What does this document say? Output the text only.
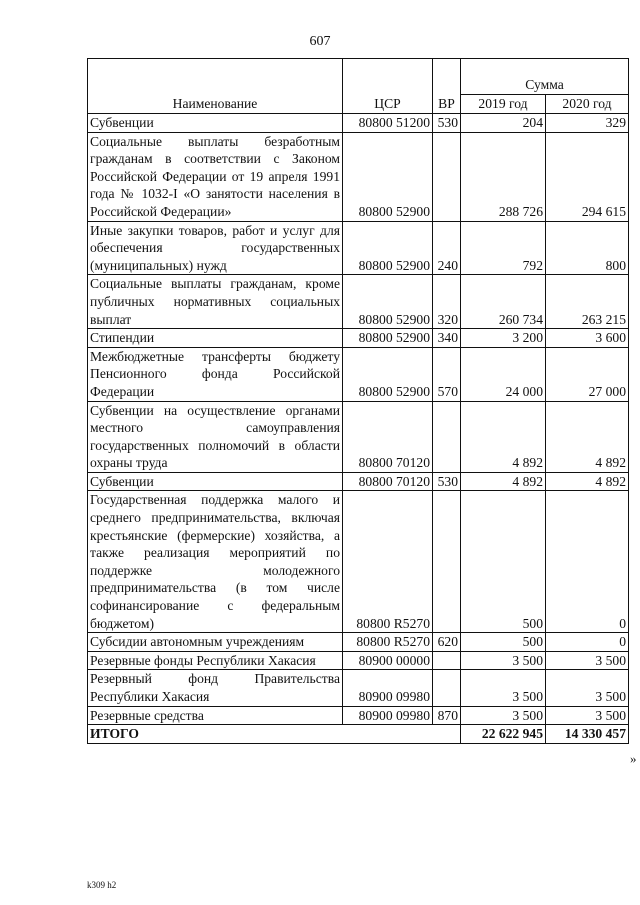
607
Наименование	ЦСР	ВР	Сумма	
			2019 год	2020 год
Субвенции	80800 51200	530	204	329
Социальные выплаты безработным гражданам в соответствии с Законом Российской Федерации от 19 апреля 1991 года № 1032-I «О занятости населения в Российской Федерации»	80800 52900		288 726	294 615
Иные закупки товаров, работ и услуг для обеспечения государственных (муниципальных) нужд	80800 52900	240	792	800
Социальные выплаты гражданам, кроме публичных нормативных социальных выплат	80800 52900	320	260 734	263 215
Стипендии	80800 52900	340	3 200	3 600
Межбюджетные трансферты бюджету Пенсионного фонда Российской Федерации	80800 52900	570	24 000	27 000
Субвенции на осуществление органами местного самоуправления государственных полномочий в области охраны труда	80800 70120		4 892	4 892
Субвенции	80800 70120	530	4 892	4 892
Государственная поддержка малого и среднего предпринимательства, включая крестьянские (фермерские) хозяйства, а также реализация мероприятий по поддержке молодежного предпринимательства (в том числе софинансирование с федеральным бюджетом)	80800 R5270		500	0
Субсидии автономным учреждениям	80800 R5270	620	500	0
Резервные фонды Республики Хакасия	80900 00000		3 500	3 500
Резервный фонд Правительства Республики Хакасия	80900 09980		3 500	3 500
Резервные средства	80900 09980	870	3 500	3 500
ИТОГО			22 622 945	14 330 457
»
k309 h2
